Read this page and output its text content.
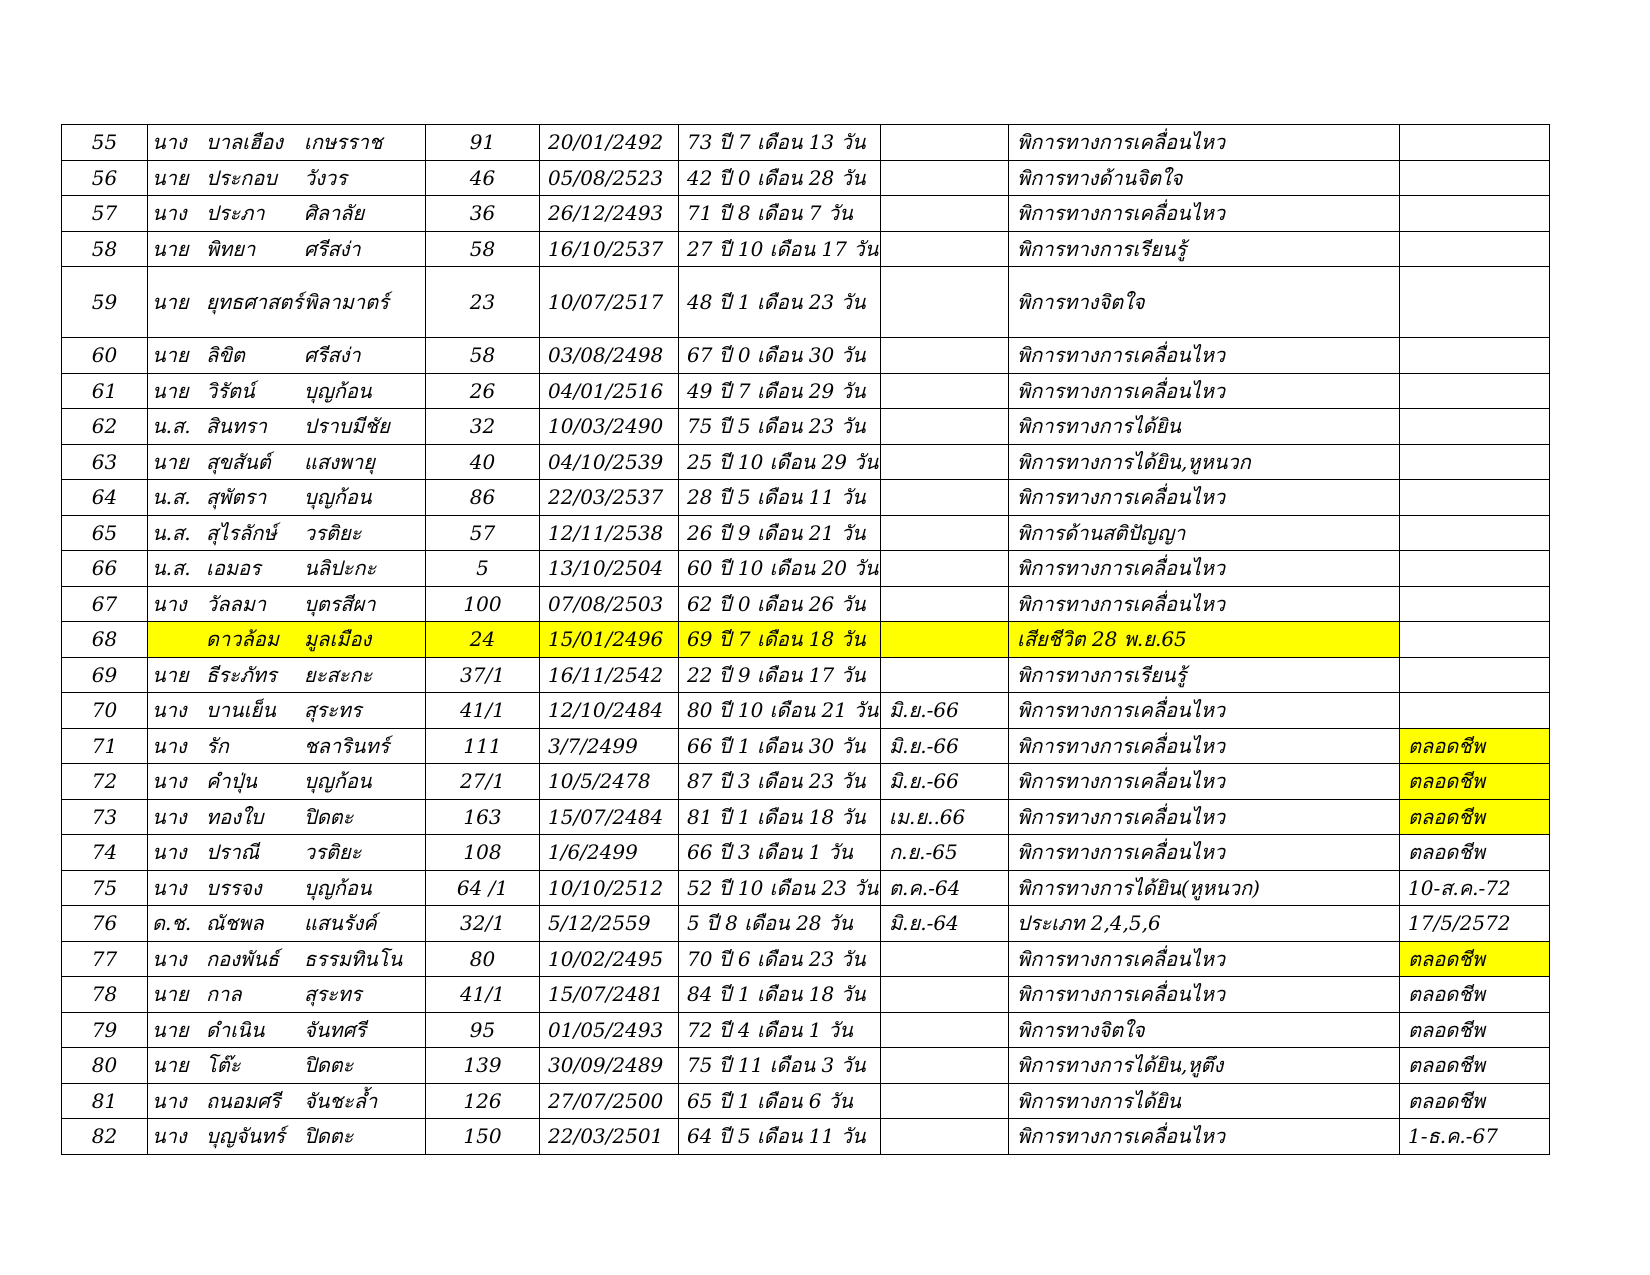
55	นาง บาลเฮือง เกษรราช	91	20/01/2492	73 ปี 7 เดือน 13 วัน		พิการทางการเคลื่อนไหว	
56	นาย ประกอบ วังวร	46	05/08/2523	42 ปี 0 เดือน 28 วัน		พิการทางด้านจิตใจ	
57	นาง ประภา ศิลาลัย	36	26/12/2493	71 ปี 8 เดือน 7 วัน		พิการทางการเคลื่อนไหว	
58	นาย พิทยา ศรีสง่า	58	16/10/2537	27 ปี 10 เดือน 17 วัน		พิการทางการเรียนรู้	
59	นาย ยุทธศาสตร์พิลามาตร์	23	10/07/2517	48 ปี 1 เดือน 23 วัน		พิการทางจิตใจ	
60	นาย ลิขิต ศรีสง่า	58	03/08/2498	67 ปี 0 เดือน 30 วัน		พิการทางการเคลื่อนไหว	
61	นาย วิรัตน์ บุญก้อน	26	04/01/2516	49 ปี 7 เดือน 29 วัน		พิการทางการเคลื่อนไหว	
62	น.ส. สินทรา ปราบมีชัย	32	10/03/2490	75 ปี 5 เดือน 23 วัน		พิการทางการได้ยิน	
63	นาย สุขสันต์ แสงพายุ	40	04/10/2539	25 ปี 10 เดือน 29 วัน		พิการทางการได้ยิน,หูหนวก	
64	น.ส. สุพัตรา บุญก้อน	86	22/03/2537	28 ปี 5 เดือน 11 วัน		พิการทางการเคลื่อนไหว	
65	น.ส. สุไรลักษ์ วรติยะ	57	12/11/2538	26 ปี 9 เดือน 21 วัน		พิการด้านสติปัญญา	
66	น.ส. เอมอร นลิปะกะ	5	13/10/2504	60 ปี 10 เดือน 20 วัน		พิการทางการเคลื่อนไหว	
67	นาง วัลลมา บุตรสีผา	100	07/08/2503	62 ปี 0 เดือน 26 วัน		พิการทางการเคลื่อนไหว	
68	ดาวล้อม มูลเมือง	24	15/01/2496	69 ปี 7 เดือน 18 วัน		เสียชีวิต 28 พ.ย.65	
69	นาย ธีระภัทร ยะสะกะ	37/1	16/11/2542	22 ปี 9 เดือน 17 วัน		พิการทางการเรียนรู้	
70	นาง บานเย็น สุระทร	41/1	12/10/2484	80 ปี 10 เดือน 21 วัน	มิ.ย.-66	พิการทางการเคลื่อนไหว	
71	นาง รัก ชลารินทร์	111	3/7/2499	66 ปี 1 เดือน 30 วัน	มิ.ย.-66	พิการทางการเคลื่อนไหว	ตลอดชีพ
72	นาง คำปุ่น บุญก้อน	27/1	10/5/2478	87 ปี 3 เดือน 23 วัน	มิ.ย.-66	พิการทางการเคลื่อนไหว	ตลอดชีพ
73	นาง ทองใบ ปิดตะ	163	15/07/2484	81 ปี 1 เดือน 18 วัน	เม.ย..66	พิการทางการเคลื่อนไหว	ตลอดชีพ
74	นาง ปราณี วรติยะ	108	1/6/2499	66 ปี 3 เดือน 1 วัน	ก.ย.-65	พิการทางการเคลื่อนไหว	ตลอดชีพ
75	นาง บรรจง บุญก้อน	64 /1	10/10/2512	52 ปี 10 เดือน 23 วัน	ต.ค.-64	พิการทางการได้ยิน(หูหนวก)	10-ส.ค.-72
76	ด.ช. ณัชพล แสนรังค์	32/1	5/12/2559	5 ปี 8 เดือน 28 วัน	มิ.ย.-64	ประเภท 2,4,5,6	17/5/2572
77	นาง กองพันธ์ ธรรมทินโน	80	10/02/2495	70 ปี 6 เดือน 23 วัน		พิการทางการเคลื่อนไหว	ตลอดชีพ
78	นาย กาล สุระทร	41/1	15/07/2481	84 ปี 1 เดือน 18 วัน		พิการทางการเคลื่อนไหว	ตลอดชีพ
79	นาย ดำเนิน จันทศรี	95	01/05/2493	72 ปี 4 เดือน 1 วัน		พิการทางจิตใจ	ตลอดชีพ
80	นาย โต๊ะ ปิดตะ	139	30/09/2489	75 ปี 11 เดือน 3 วัน		พิการทางการได้ยิน,หูตึง	ตลอดชีพ
81	นาง ถนอมศรี จันชะล้ำ	126	27/07/2500	65 ปี 1 เดือน 6 วัน		พิการทางการได้ยิน	ตลอดชีพ
82	นาง บุญจันทร์ ปิดตะ	150	22/03/2501	64 ปี 5 เดือน 11 วัน		พิการทางการเคลื่อนไหว	1-ธ.ค.-67
